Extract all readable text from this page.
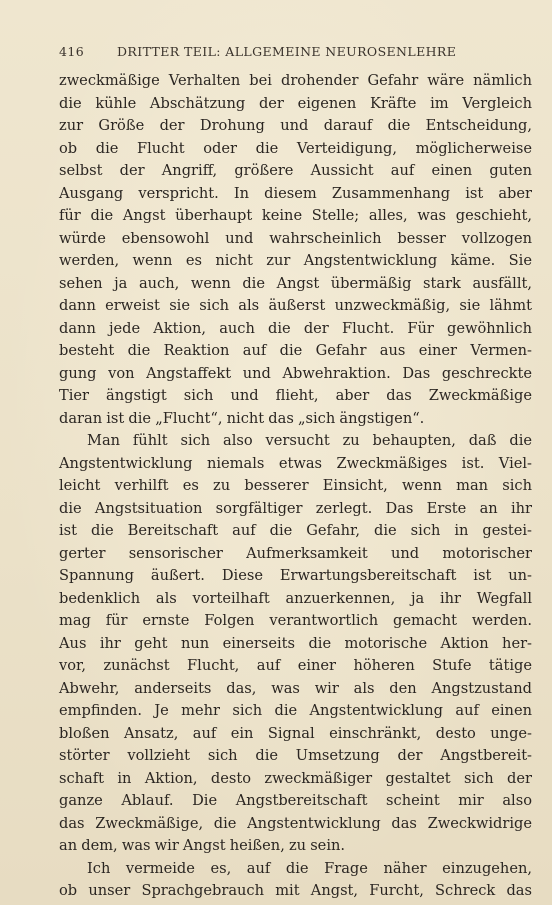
416	DRITTER TEIL: ALLGEMEINE NEUROSENLEHRE
zweckmäßige Verhalten bei drohender Gefahr wäre nämlich
die kühle Abschätzung der eigenen Kräfte im Vergleich
zur Größe der Drohung und darauf die Entscheidung,
ob die Flucht oder die Verteidigung, möglicherweise
selbst der Angriff, größere Aussicht auf einen guten
Ausgang verspricht. In diesem Zusammenhang ist aber
für die Angst überhaupt keine Stelle; alles, was geschieht,
würde ebensowohl und wahrscheinlich besser vollzogen
werden, wenn es nicht zur Angstentwicklung käme. Sie
sehen ja auch, wenn die Angst übermäßig stark ausfällt,
dann erweist sie sich als äußerst unzweckmäßig, sie lähmt
dann jede Aktion, auch die der Flucht. Für gewöhnlich
besteht die Reaktion auf die Gefahr aus einer Vermen-
gung von Angstaffekt und Abwehraktion. Das geschreckte
Tier ängstigt sich und flieht, aber das Zweckmäßige
daran ist die „Flucht“, nicht das „sich ängstigen“.
Man fühlt sich also versucht zu behaupten, daß die
Angstentwicklung niemals etwas Zweckmäßiges ist. Viel-
leicht verhilft es zu besserer Einsicht, wenn man sich
die Angstsituation sorgfältiger zerlegt. Das Erste an ihr
ist die Bereitschaft auf die Gefahr, die sich in gestei-
gerter sensorischer Aufmerksamkeit und motorischer
Spannung äußert. Diese Erwartungsbereitschaft ist un-
bedenklich als vorteilhaft anzuerkennen, ja ihr Wegfall
mag für ernste Folgen verantwortlich gemacht werden.
Aus ihr geht nun einerseits die motorische Aktion her-
vor, zunächst Flucht, auf einer höheren Stufe tätige
Abwehr, anderseits das, was wir als den Angstzustand
empfinden. Je mehr sich die Angstentwicklung auf einen
bloßen Ansatz, auf ein Signal einschränkt, desto unge-
störter vollzieht sich die Umsetzung der Angstbereit-
schaft in Aktion, desto zweckmäßiger gestaltet sich der
ganze Ablauf. Die Angstbereitschaft scheint mir also
das Zweckmäßige, die Angstentwicklung das Zweckwidrige
an dem, was wir Angst heißen, zu sein.
Ich vermeide es, auf die Frage näher einzugehen,
ob unser Sprachgebrauch mit Angst, Furcht, Schreck das
